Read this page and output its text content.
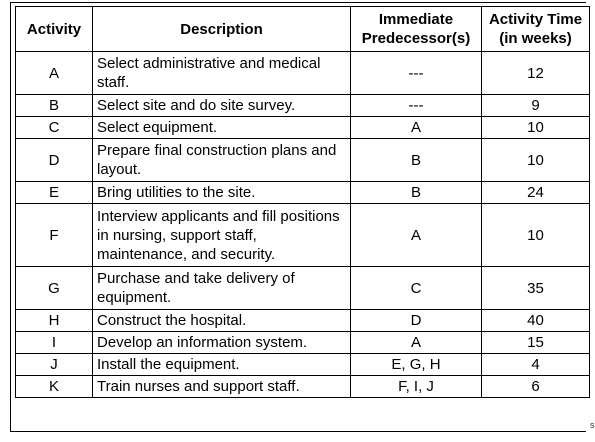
Activity	Description	Immediate Predecessor(s)	Activity Time (in weeks)
A	Select administrative and medical staff.	---	12
B	Select site and do site survey.	---	9
C	Select equipment.	A	10
D	Prepare final construction plans and layout.	B	10
E	Bring utilities to the site.	B	24
F	Interview applicants and fill positions in nursing, support staff, maintenance, and security.	A	10
G	Purchase and take delivery of equipment.	C	35
H	Construct the hospital.	D	40
I	Develop an information system.	A	15
J	Install the equipment.	E, G, H	4
K	Train nurses and support staff.	F, I, J	6
s
